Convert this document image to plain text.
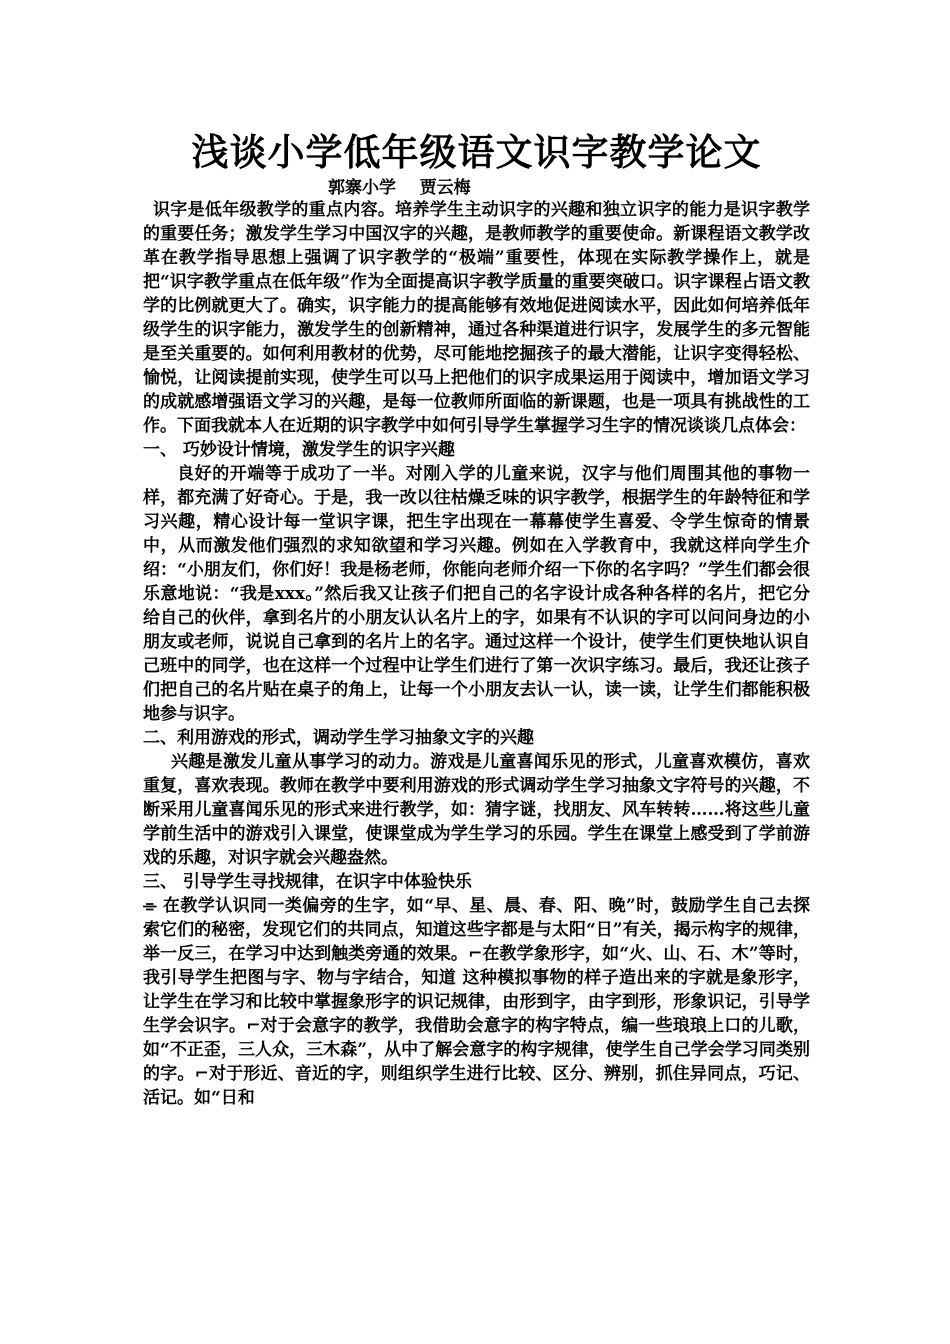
浅谈小学低年级语文识字教学论文

郭寨小学    贾云梅

识字是低年级教学的重点内容。培养学生主动识字的兴趣和独立识字的能力是识字教学的重要任务；激发学生学习中国汉字的兴趣，是教师教学的重要使命。新课程语文教学改革在教学指导思想上强调了识字教学的“极端”重要性，体现在实际教学操作上，就是把“识字教学重点在低年级”作为全面提高识字教学质量的重要突破口。识字课程占语文教学的比例就更大了。确实，识字能力的提高能够有效地促进阅读水平，因此如何培养低年级学生的识字能力，激发学生的创新精神，通过各种渠道进行识字，发展学生的多元智能是至关重要的。如何利用教材的优势，尽可能地挖掘孩子的最大潜能，让识字变得轻松、愉悦，让阅读提前实现，使学生可以马上把他们的识字成果运用于阅读中，增加语文学习的成就感增强语文学习的兴趣，是每一位教师所面临的新课题，也是一项具有挑战性的工作。下面我就本人在近期的识字教学中如何引导学生掌握学习生字的情况谈谈几点体会：

一、 巧妙设计情境，激发学生的识字兴趣

良好的开端等于成功了一半。对刚入学的儿童来说，汉字与他们周围其他的事物一样，都充满了好奇心。于是，我一改以往枯燥乏味的识字教学，根据学生的年龄特征和学习兴趣，精心设计每一堂识字课，把生字出现在一幕幕使学生喜爱、令学生惊奇的情景中，从而激发他们强烈的求知欲望和学习兴趣。例如在入学教育中，我就这样向学生介绍：“小朋友们，你们好！我是杨老师，你能向老师介绍一下你的名字吗？”学生们都会很乐意地说：“我是xxx。”然后我又让孩子们把自己的名字设计成各种各样的名片，把它分给自己的伙伴，拿到名片的小朋友认认名片上的字，如果有不认识的字可以问问身边的小朋友或老师，说说自己拿到的名片上的名字。通过这样一个设计，使学生们更快地认识自己班中的同学，也在这样一个过程中让学生们进行了第一次识字练习。最后，我还让孩子们把自己的名片贴在桌子的角上，让每一个小朋友去认一认，读一读，让学生们都能积极地参与识字。

二、利用游戏的形式，调动学生学习抽象文字的兴趣

兴趣是激发儿童从事学习的动力。游戏是儿童喜闻乐见的形式，儿童喜欢模仿，喜欢重复，喜欢表现。教师在教学中要利用游戏的形式调动学生学习抽象文字符号的兴趣，不断采用儿童喜闻乐见的形式来进行教学，如：猜字谜，找朋友、风车转转……将这些儿童学前生活中的游戏引入课堂，使课堂成为学生学习的乐园。学生在课堂上感受到了学前游戏的乐趣，对识字就会兴趣盎然。

三、 引导学生寻找规律，在识字中体验快乐

⌯ 在教学认识同一类偏旁的生字，如“早、星、晨、春、阳、晚”时，鼓励学生自己去探索它们的秘密，发现它们的共同点，知道这些字都是与太阳“日”有关，揭示构字的规律，举一反三，在学习中达到触类旁通的效果。⌐在教学象形字，如“火、山、石、木”等时，我引导学生把图与字、物与字结合，知道 这种模拟事物的样子造出来的字就是象形字，让学生在学习和比较中掌握象形字的识记规律，由形到字，由字到形，形象识记，引导学生学会识字。⌐对于会意字的教学，我借助会意字的构字特点，编一些琅琅上口的儿歌，如“不正歪，三人众，三木森”，从中了解会意字的构字规律，使学生自己学会学习同类别的字。⌐对于形近、音近的字，则组织学生进行比较、区分、辨别，抓住异同点，巧记、活记。如“日和
